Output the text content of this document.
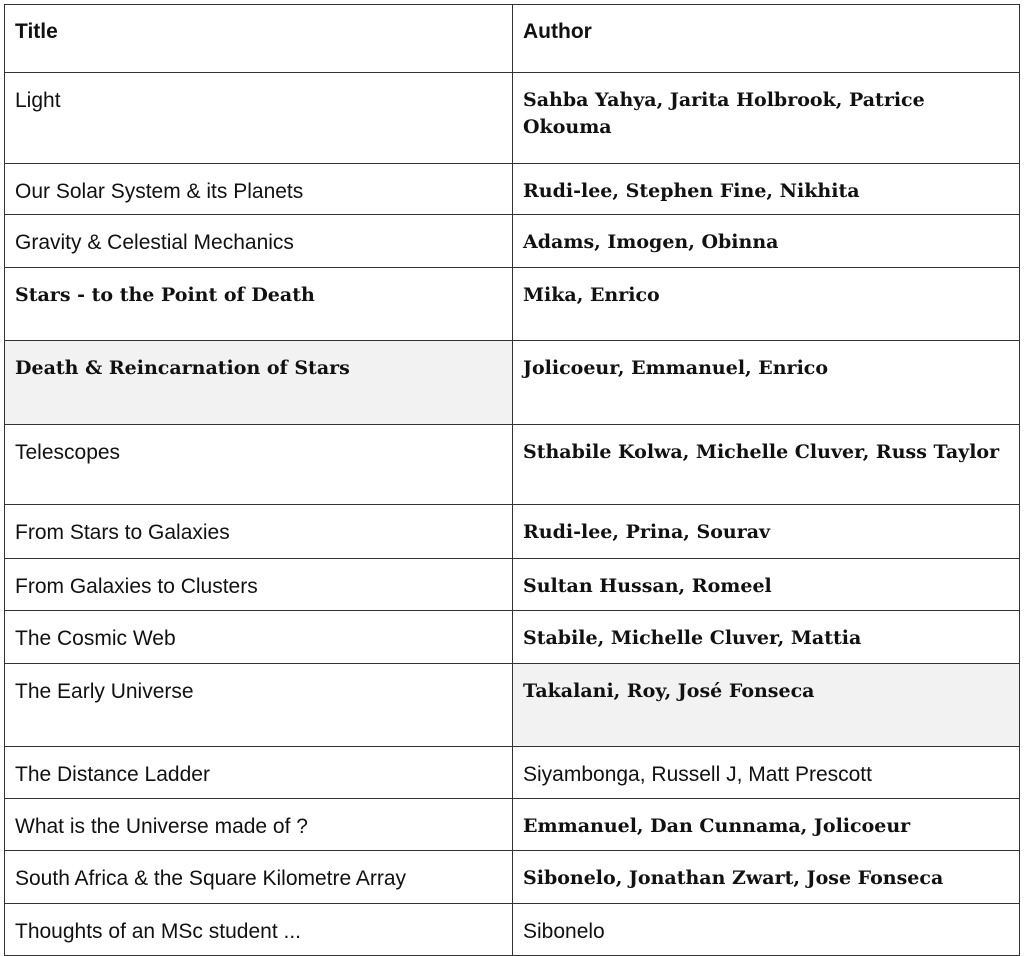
Title	Author
Light	Sahba Yahya, Jarita Holbrook, Patrice Okouma
Our Solar System & its Planets	Rudi-lee, Stephen Fine, Nikhita
Gravity & Celestial Mechanics	Adams, Imogen, Obinna
Stars - to the Point of Death	Mika, Enrico
Death & Reincarnation of Stars	Jolicoeur, Emmanuel, Enrico
Telescopes	Sthabile Kolwa, Michelle Cluver, Russ Taylor
From Stars to Galaxies	Rudi-lee, Prina, Sourav
From Galaxies to Clusters	Sultan Hussan, Romeel
The Cosmic Web	Stabile, Michelle Cluver, Mattia
The Early Universe	Takalani, Roy, José Fonseca
The Distance Ladder	Siyambonga, Russell J, Matt Prescott
What is the Universe made of ?	Emmanuel, Dan Cunnama, Jolicoeur
South Africa & the Square Kilometre Array	Sibonelo, Jonathan Zwart, Jose Fonseca
Thoughts of an MSc student ...	Sibonelo
